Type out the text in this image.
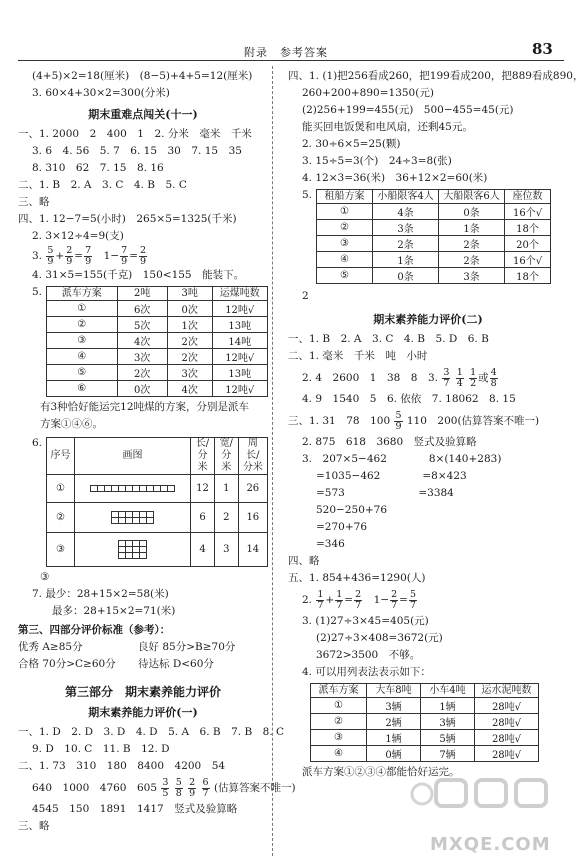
附录　参考答案	83
(4+5)×2=18(厘米)　(8−5)+4+5=12(厘米)
3. 60×4+30×2=300(分米)
期末重难点闯关(十一)
一、1. 2000　2　400　1　2. 分米　毫米　千米
3. 6　4. 56　5. 7　6. 15　30　7. 15　35
8. 310　62　7. 15　8. 16
二、1. B　2. A　3. C　4. B　5. C
三、略
四、1. 12−7=5(小时)　265×5=1325(千米)
2. 3×12÷4=9(支)
3. $\frac{5}{9} + \frac{2}{9} = \frac{7}{9}$ 　$1- \frac{7}{9} = \frac{2}{9}$
4. 31×5=155(千克)　150<155　能装下。
5. 派车方案	2吨	3吨	运煤吨数
①	6次	0次	12吨√
②	5次	1次	13吨
③	4次	2次	14吨
④	3次	2次	12吨√
⑤	2次	3次	13吨
⑥	0次	4次	12吨√
有3种恰好能运完12吨煤的方案，分别是派车
方案①④⑥。
6.
序号	画图	长/分米	宽/分米	周长/分米
①		12	1	26
②		6	2	16
③		4	3	14
③
7. 最少：28+15×2=58(米)
最多：28+15×2=71(米)
第三、四部分评价标准（参考）：
优秀 A≥85分	良好 85分>B≥70分
合格 70分>C≥60分	待达标 D<60分
第三部分　期末素养能力评价
期末素养能力评价(一)
一、1. D　2. D　3. D　4. D　5. A　6. B　7. B　8. C
9. D　10. C　11. B　12. D
二、1. 73　310　180　8400　4200　54
640　1000　4760　$605 \frac{3}{5}$
$\frac{5}{8}$
$\frac{2}{9}$
$\frac{6}{7}$ (估算答案不唯一)
4545　150　1891　1417　竖式及验算略
三、略
四、1. (1)把256看成260，把199看成200，把889看成890，
260+200+890=1350(元)
(2)256+199=455(元)　500−455=45(元)
能买回电饭煲和电风扇，还剩45元。
2. 30÷6×5=25(颗)
3. 15÷5=3(个)　24÷3=8(张)
4. 12×3=36(米)　36+12×2=60(米)
5. 租船方案	小船限客4人	大船限客6人	座位数
①	4条	0条	16个√
②	3条	1条	18个
③	2条	2条	20个
④	1条	2条	16个√
⑤	0条	3条	18个
2
期末素养能力评价(二)
一、1. B　2. A　3. C　4. B　5. D　6. B
二、1. 毫米　千米　吨　小时
2. 4　2600　1　38　8　3. $\frac{3}{7}$
$\frac{1}{4}$
$\frac{1}{2}$ 或 $\frac{4}{8}$
4. 9　1540　5　6. 依依　7. 18062　8. 15
三、1. 31　78　$100 \frac{5}{9} 110$　200(估算答案不唯一)
2. 875　618　3680　竖式及验算略
3.　207×5−462　　　　8×(140+283)
=1035−462　　　　=8×423
=573　　　　　　　=3384
520−250+76
=270+76
=346
四、略
五、1. 854+436=1290(人)
2. $\frac{1}{7} + \frac{1}{7} = \frac{2}{7}$ 　$1- \frac{2}{7} = \frac{5}{7}$
3. (1)27÷3×45=405(元)
(2)27÷3×408=3672(元)
3672>3500　不够。
4. 可以用列表法表示如下：
派车方案	大车8吨	小车4吨	运水泥吨数
①	3辆	1辆	28吨√
②	2辆	3辆	28吨√
③	1辆	5辆	28吨√
④	0辆	7辆	28吨√
派车方案①②③④都能恰好运完。
MXQE.COM
